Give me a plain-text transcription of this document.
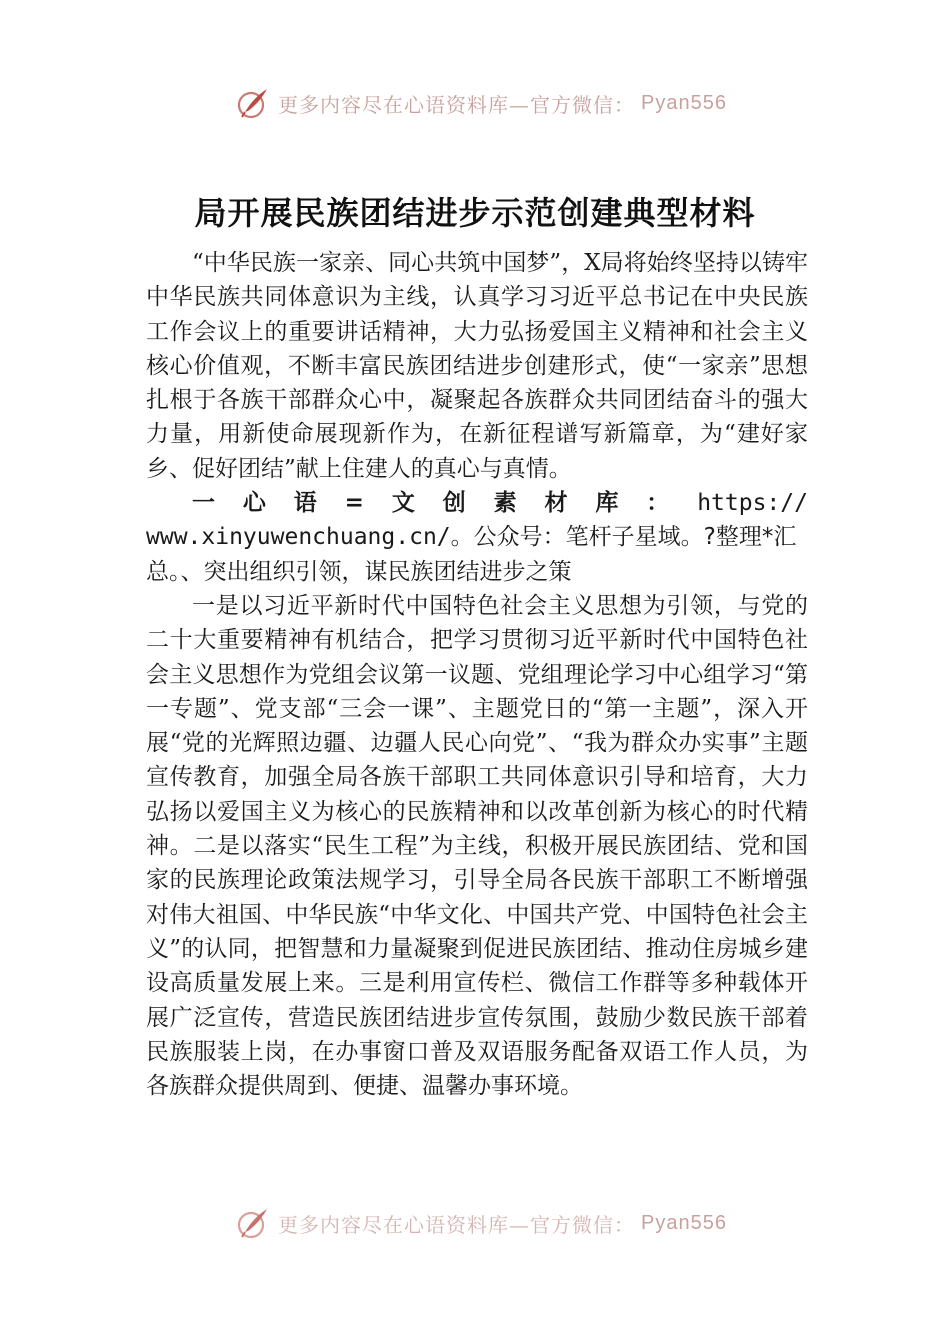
更多内容尽在心语资料库—官方微信： Pyan556
局开展民族团结进步示范创建典型材料

“中华民族一家亲、同心共筑中国梦”，X局将始终坚持以铸牢中华民族共同体意识为主线，认真学习习近平总书记在中央民族工作会议上的重要讲话精神，大力弘扬爱国主义精神和社会主义核心价值观，不断丰富民族团结进步创建形式，使“一家亲”思想扎根于各族干部群众心中，凝聚起各族群众共同团结奋斗的强大力量，用新使命展现新作为，在新征程谱写新篇章，为“建好家乡、促好团结”献上住建人的真心与真情。

一 心 语 = 文 创 素 材 库 ： https://
www.xinyuwenchuang.cn/。公众号：笔杆子星域。?整理*汇
总。、突出组织引领，谋民族团结进步之策

一是以习近平新时代中国特色社会主义思想为引领，与党的二十大重要精神有机结合，把学习贯彻习近平新时代中国特色社会主义思想作为党组会议第一议题、党组理论学习中心组学习“第一专题”、党支部“三会一课”、主题党日的“第一主题”，深入开展“党的光辉照边疆、边疆人民心向党”、“我为群众办实事”主题宣传教育，加强全局各族干部职工共同体意识引导和培育，大力弘扬以爱国主义为核心的民族精神和以改革创新为核心的时代精神。二是以落实“民生工程”为主线，积极开展民族团结、党和国家的民族理论政策法规学习，引导全局各民族干部职工不断增强对伟大祖国、中华民族“中华文化、中国共产党、中国特色社会主义”的认同，把智慧和力量凝聚到促进民族团结、推动住房城乡建设高质量发展上来。三是利用宣传栏、微信工作群等多种载体开展广泛宣传，营造民族团结进步宣传氛围，鼓励少数民族干部着民族服装上岗，在办事窗口普及双语服务配备双语工作人员，为各族群众提供周到、便捷、温馨办事环境。

更多内容尽在心语资料库—官方微信： Pyan556
